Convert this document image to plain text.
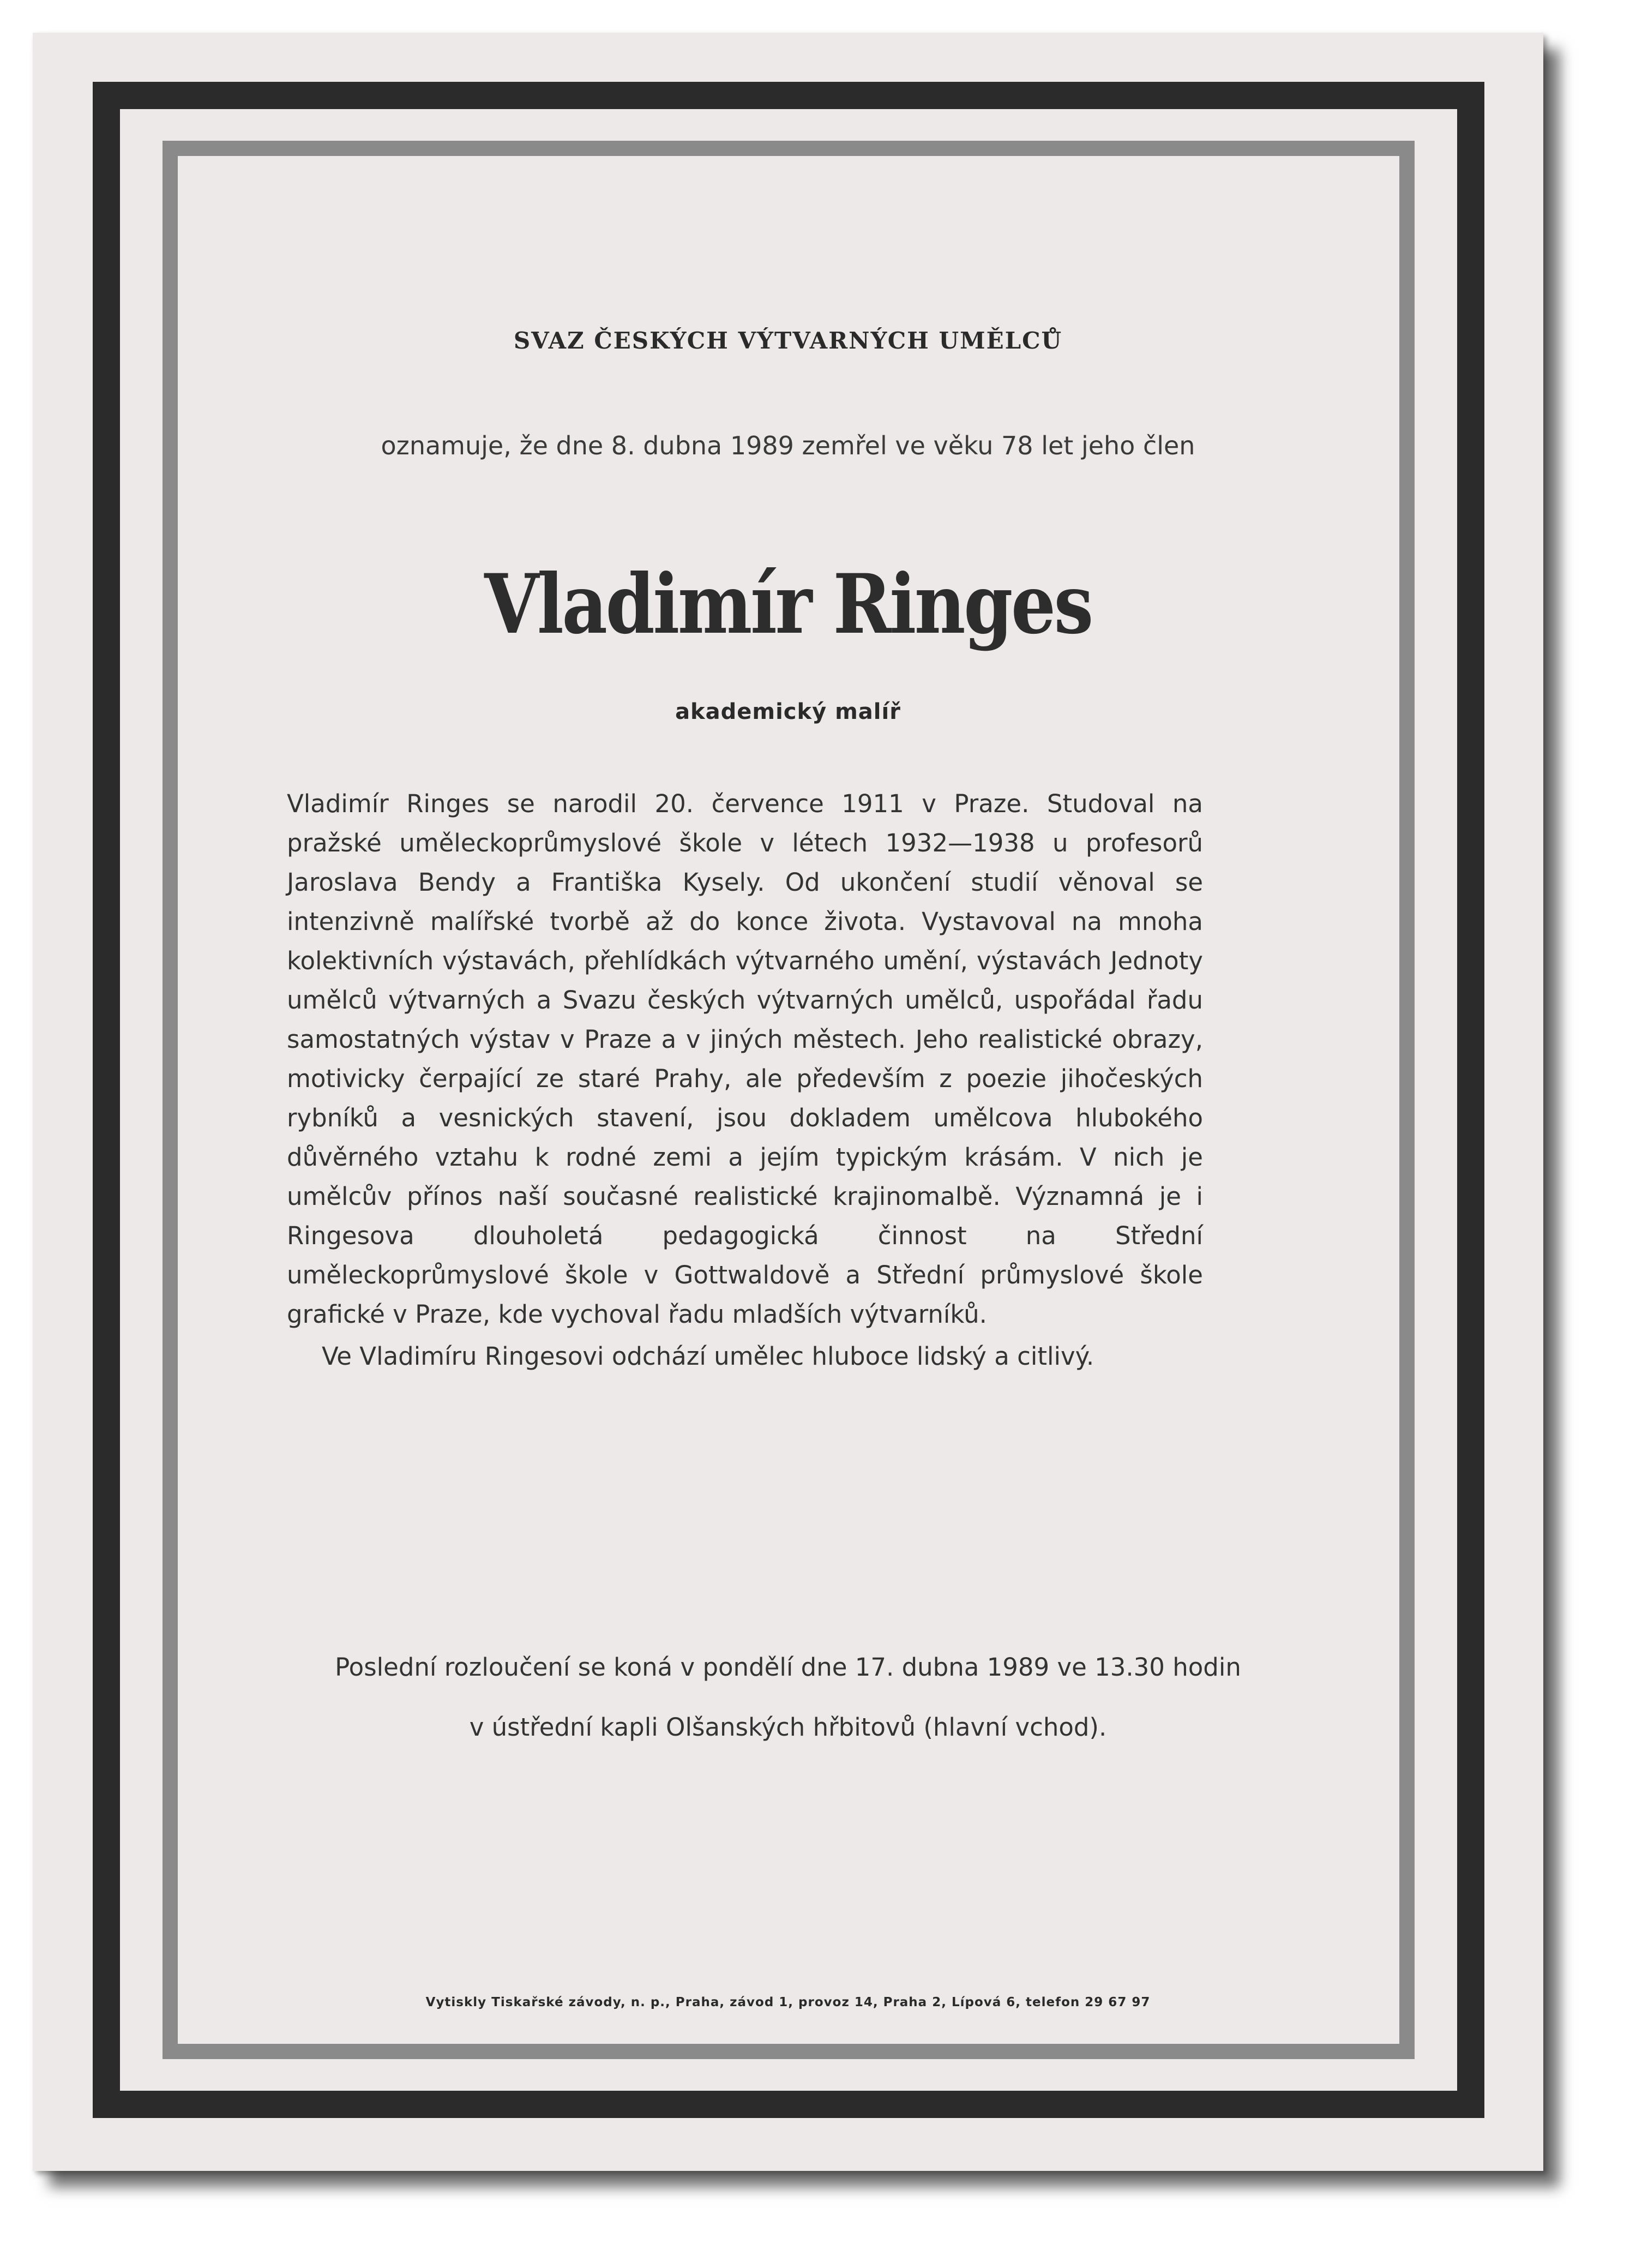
SVAZ ČESKÝCH VÝTVARNÝCH UMĚLCŮ
oznamuje, že dne 8. dubna 1989 zemřel ve věku 78 let jeho člen
Vladimír Ringes
akademický malíř
Vladimír Ringes se narodil 20. července 1911 v Praze. Studoval na pražské uměleckoprůmyslové škole v létech 1932—1938 u profesorů Jaroslava Bendy a Františka Kysely. Od ukončení studií věnoval se intenzivně malířské tvorbě až do konce života. Vystavoval na mnoha kolektivních výstavách, přehlídkách výtvarného umění, výstavách Jednoty umělců výtvarných a Svazu českých výtvarných umělců, uspořádal řadu samostatných výstav v Praze a v jiných městech. Jeho realistické obrazy, motivicky čerpající ze staré Prahy, ale především z poezie jihočeských rybníků a vesnických stavení, jsou dokladem umělcova hlubokého důvěrného vztahu k rodné zemi a jejím typickým krásám. V nich je umělcův přínos naší současné realistické krajinomalbě. Významná je i Ringesova dlouholetá pedagogická činnost na Střední uměleckoprůmyslové škole v Gottwaldově a Střední průmyslové škole grafické v Praze, kde vychoval řadu mladších výtvarníků.
Ve Vladimíru Ringesovi odchází umělec hluboce lidský a citlivý.
Poslední rozloučení se koná v pondělí dne 17. dubna 1989 ve 13.30 hodin
v ústřední kapli Olšanských hřbitovů (hlavní vchod).
Vytiskly Tiskařské závody, n. p., Praha, závod 1, provoz 14, Praha 2, Lípová 6, telefon 29 67 97
